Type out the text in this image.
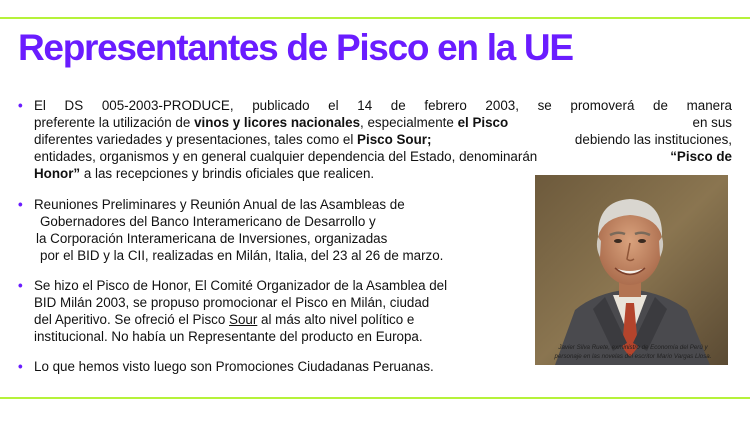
Representantes de Pisco en la UE
• El DS 005-2003-PRODUCE, publicado el 14 de febrero 2003, se promoverá de manera
preferente la utilización de
vinos y licores nacionales , especialmente el Pisco	en sus
diferentes variedades y presentaciones, tales como el Pisco Sour;	debiendo las instituciones,
entidades, organismos y en general cualquier dependencia del Estado, denominarán	“Pisco de
Honor” a las recepciones y brindis oficiales que realicen.
• Reuniones Preliminares y Reunión Anual de las Asambleas de
Gobernadores del Banco Interamericano de Desarrollo y
la Corporación Interamericana de Inversiones, organizadas
por el BID y la CII, realizadas en Milán, Italia, del 23 al 26 de marzo.
• Se hizo el Pisco de Honor, El Comité Organizador de la Asamblea del
BID Milán 2003, se propuso promocionar el Pisco en Milán, ciudad
del Aperitivo. Se ofreció el Pisco Sour al más alto nivel político e
institucional. No había un Representante del producto en Europa.
• Lo que hemos visto luego son Promociones Ciudadanas Peruanas.
Javier Silva Ruete, exministro de Economía del Perú y
personaje en las novelas del escritor Mario Vargas Llosa.
